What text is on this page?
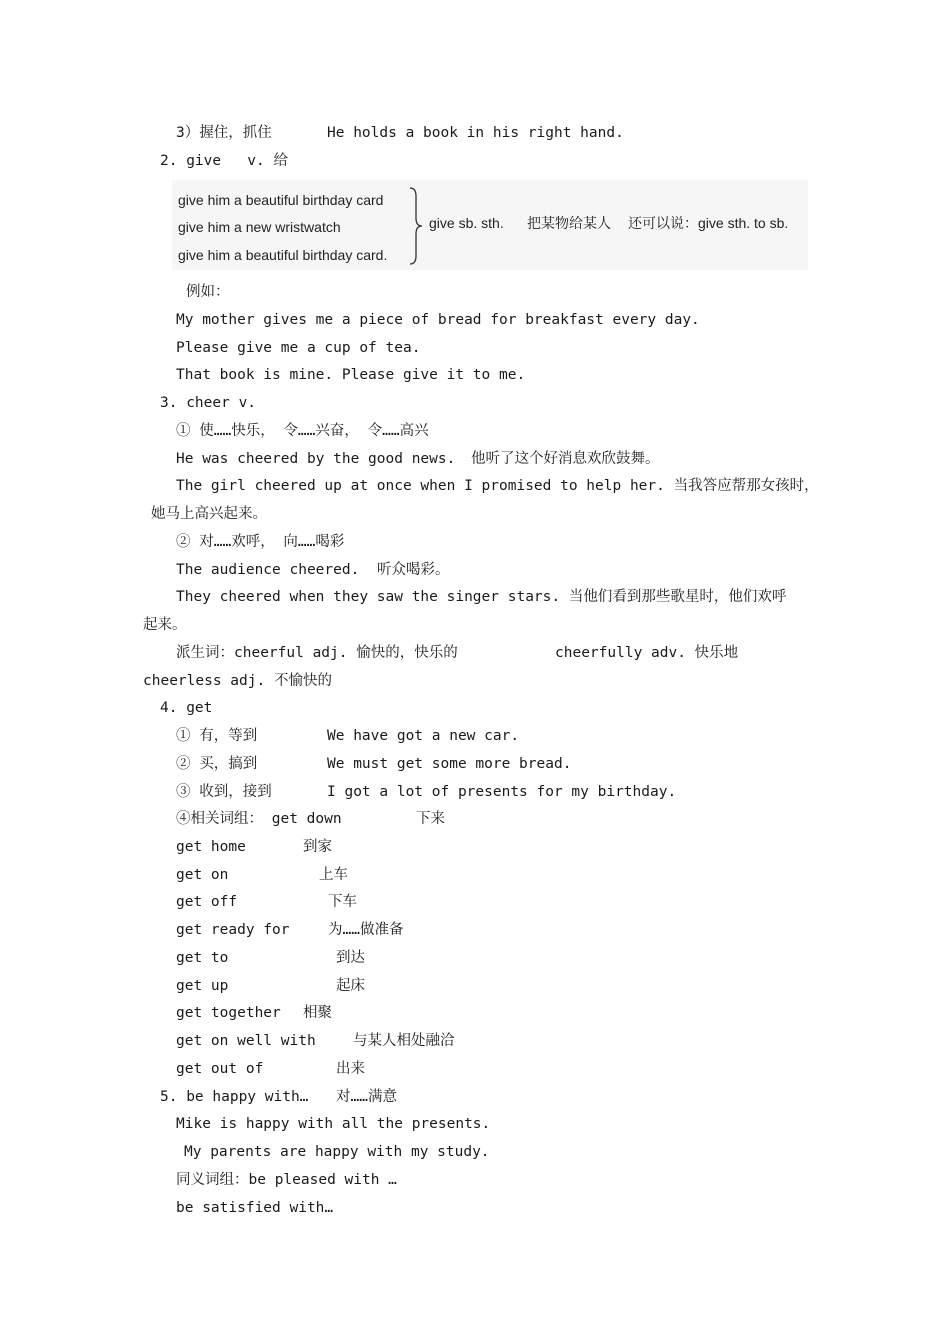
3）握住，抓住	He holds a book in his right hand.
2. give   v. 给
give him a beautiful birthday card
give him a new wristwatch
give him a beautiful birthday card.
give sb. sth. 把某物给某人 还可以说：give sth. to sb.
例如：
My mother gives me a piece of bread for breakfast every day.
Please give me a cup of tea.
That book is mine. Please give it to me.
3. cheer v.
① 使……快乐， 令……兴奋， 令……高兴
He was cheered by the good news. 他听了这个好消息欢欣鼓舞。
The girl cheered up at once when I promised to help her. 当我答应帮那女孩时，
她马上高兴起来。
② 对……欢呼， 向……喝彩
The audience cheered. 听众喝彩。
They cheered when they saw the singer stars. 当他们看到那些歌星时，他们欢呼
起来。
派生词：cheerful adj. 愉快的，快乐的	cheerfully adv. 快乐地
cheerless adj. 不愉快的
4. get
① 有，等到	We have got a new car.
② 买，搞到	We must get some more bread.
③ 收到，接到	I got a lot of presents for my birthday.
④相关词组： get down	下来
get home	到家
get on	上车
get off	下车
get ready for	为……做准备
get to	到达
get up	起床
get together 相聚
get on well with	与某人相处融洽
get out of	出来
5. be happy with… 对……满意
Mike is happy with all the presents.
My parents are happy with my study.
同义词组：be pleased with …
be satisfied with…
